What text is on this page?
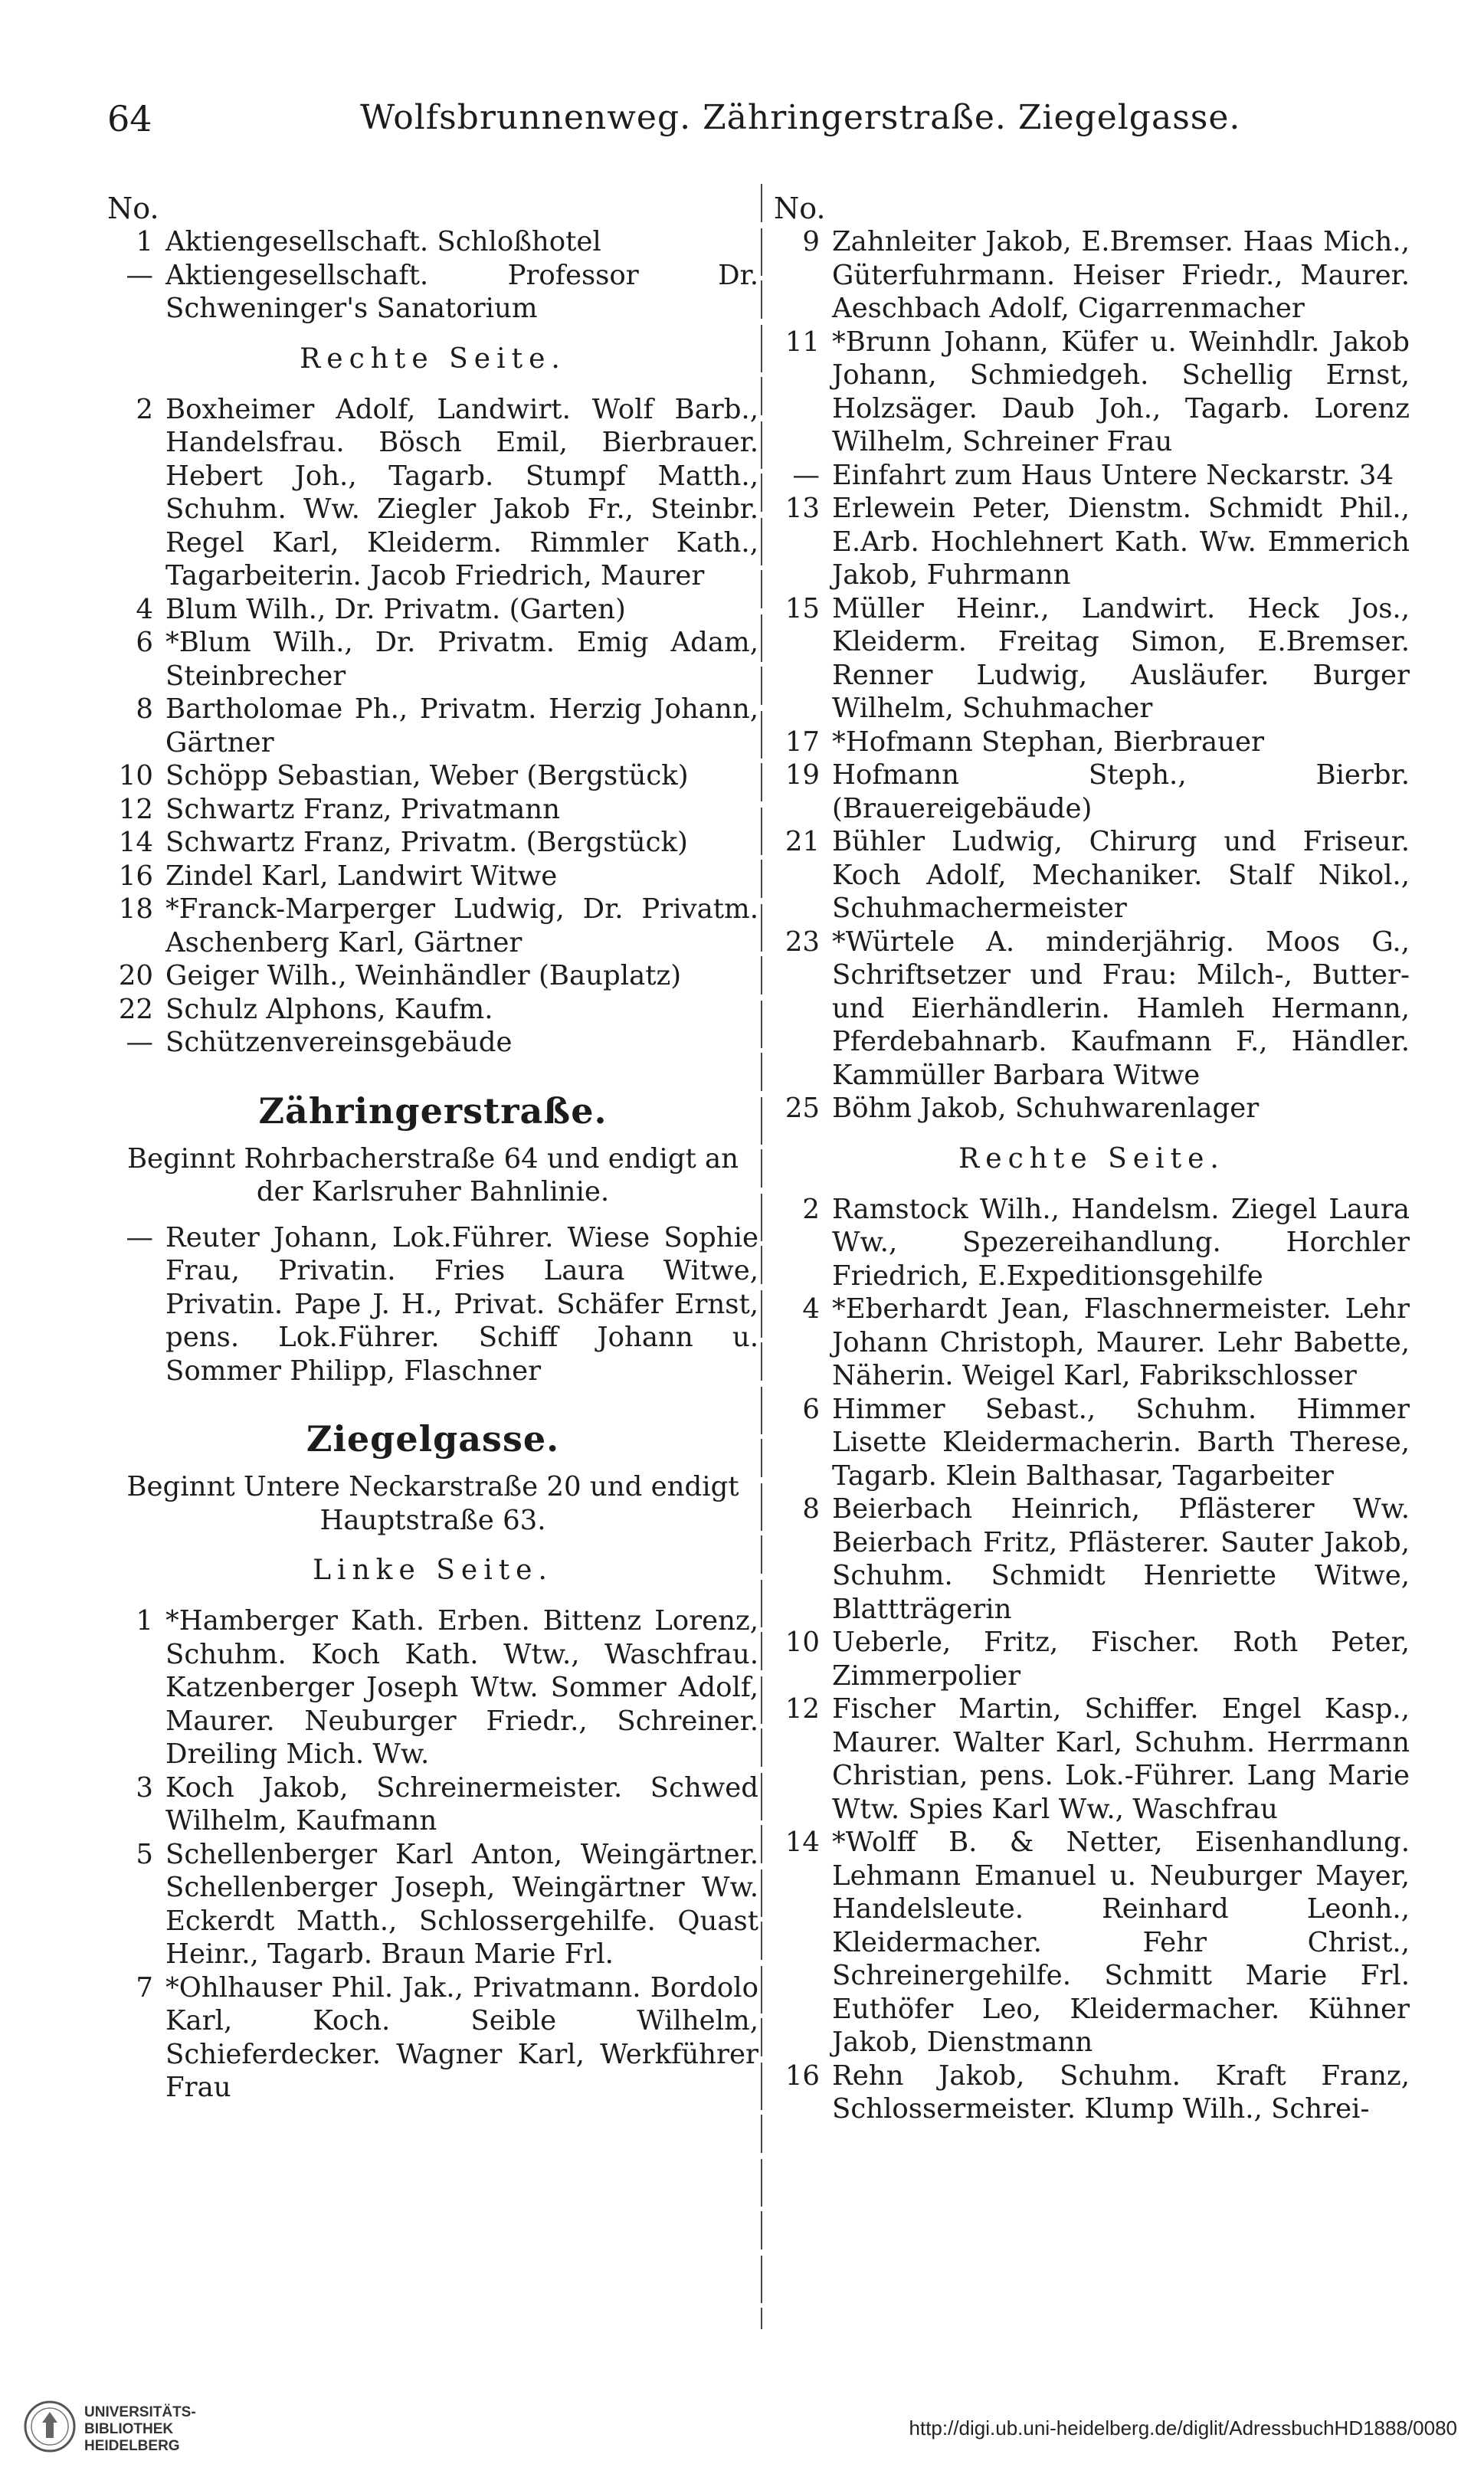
64	Wolfsbrunnenweg. Zähringerstraße. Ziegelgasse.
No.
1 Aktiengesellschaft. Schloßhotel
— Aktiengesellschaft. Professor Dr. Schweninger's Sanatorium
Rechte Seite.
2 Boxheimer Adolf, Landwirt. Wolf Barb., Handelsfrau. Bösch Emil, Bierbrauer. Hebert Joh., Tagarb. Stumpf Matth., Schuhm. Ww. Ziegler Jakob Fr., Steinbr. Regel Karl, Kleiderm. Rimmler Kath., Tagarbeiterin. Jacob Friedrich, Maurer
4 Blum Wilh., Dr. Privatm. (Garten)
6 *Blum Wilh., Dr. Privatm. Emig Adam, Steinbrecher
8 Bartholomae Ph., Privatm. Herzig Johann, Gärtner
10 Schöpp Sebastian, Weber (Bergstück)
12 Schwartz Franz, Privatmann
14 Schwartz Franz, Privatm. (Bergstück)
16 Zindel Karl, Landwirt Witwe
18 *Franck-Marperger Ludwig, Dr. Privatm. Aschenberg Karl, Gärtner
20 Geiger Wilh., Weinhändler (Bauplatz)
22 Schulz Alphons, Kaufm.
— Schützenvereinsgebäude
Zähringerstraße.
Beginnt Rohrbacherstraße 64 und endigt an der Karlsruher Bahnlinie.
— Reuter Johann, Lok.Führer. Wiese Sophie Frau, Privatin. Fries Laura Witwe, Privatin. Pape J. H., Privat. Schäfer Ernst, pens. Lok.Führer. Schiff Johann u. Sommer Philipp, Flaschner
Ziegelgasse.
Beginnt Untere Neckarstraße 20 und endigt Hauptstraße 63.
Linke Seite.
1 *Hamberger Kath. Erben. Bittenz Lorenz, Schuhm. Koch Kath. Wtw., Waschfrau. Katzenberger Joseph Wtw. Sommer Adolf, Maurer. Neuburger Friedr., Schreiner. Dreiling Mich. Ww.
3 Koch Jakob, Schreinermeister. Schwed Wilhelm, Kaufmann
5 Schellenberger Karl Anton, Weingärtner. Schellenberger Joseph, Weingärtner Ww. Eckerdt Matth., Schlossergehilfe. Quast Heinr., Tagarb. Braun Marie Frl.
7 *Ohlhauser Phil. Jak., Privatmann. Bordolo Karl, Koch. Seible Wilhelm, Schieferdecker. Wagner Karl, Werkführer Frau
No.
9 Zahnleiter Jakob, E.Bremser. Haas Mich., Güterfuhrmann. Heiser Friedr., Maurer. Aeschbach Adolf, Cigarrenmacher
11 *Brunn Johann, Küfer u. Weinhdlr. Jakob Johann, Schmiedgeh. Schellig Ernst, Holzsäger. Daub Joh., Tagarb. Lorenz Wilhelm, Schreiner Frau
— Einfahrt zum Haus Untere Neckarstr. 34
13 Erlewein Peter, Dienstm. Schmidt Phil., E.Arb. Hochlehnert Kath. Ww. Emmerich Jakob, Fuhrmann
15 Müller Heinr., Landwirt. Heck Jos., Kleiderm. Freitag Simon, E.Bremser. Renner Ludwig, Ausläufer. Burger Wilhelm, Schuhmacher
17 *Hofmann Stephan, Bierbrauer
19 Hofmann Steph., Bierbr. (Brauereigebäude)
21 Bühler Ludwig, Chirurg und Friseur. Koch Adolf, Mechaniker. Stalf Nikol., Schuhmachermeister
23 *Würtele A. minderjährig. Moos G., Schriftsetzer und Frau: Milch-, Butter- und Eierhändlerin. Hamleh Hermann, Pferdebahnarb. Kaufmann F., Händler. Kammüller Barbara Witwe
25 Böhm Jakob, Schuhwarenlager
Rechte Seite.
2 Ramstock Wilh., Handelsm. Ziegel Laura Ww., Spezereihandlung. Horchler Friedrich, E.Expeditionsgehilfe
4 *Eberhardt Jean, Flaschnermeister. Lehr Johann Christoph, Maurer. Lehr Babette, Näherin. Weigel Karl, Fabrikschlosser
6 Himmer Sebast., Schuhm. Himmer Lisette Kleidermacherin. Barth Therese, Tagarb. Klein Balthasar, Tagarbeiter
8 Beierbach Heinrich, Pflästerer Ww. Beierbach Fritz, Pflästerer. Sauter Jakob, Schuhm. Schmidt Henriette Witwe, Blattträgerin
10 Ueberle, Fritz, Fischer. Roth Peter, Zimmerpolier
12 Fischer Martin, Schiffer. Engel Kasp., Maurer. Walter Karl, Schuhm. Herrmann Christian, pens. Lok.-Führer. Lang Marie Wtw. Spies Karl Ww., Waschfrau
14 *Wolff B. & Netter, Eisenhandlung. Lehmann Emanuel u. Neuburger Mayer, Handelsleute. Reinhard Leonh., Kleidermacher. Fehr Christ., Schreinergehilfe. Schmitt Marie Frl. Euthöfer Leo, Kleidermacher. Kühner Jakob, Dienstmann
16 Rehn Jakob, Schuhm. Kraft Franz, Schlossermeister. Klump Wilh., Schrei-
UNIVERSITÄTS-
BIBLIOTHEK
HEIDELBERG
http://digi.ub.uni-heidelberg.de/diglit/AdressbuchHD1888/0080
